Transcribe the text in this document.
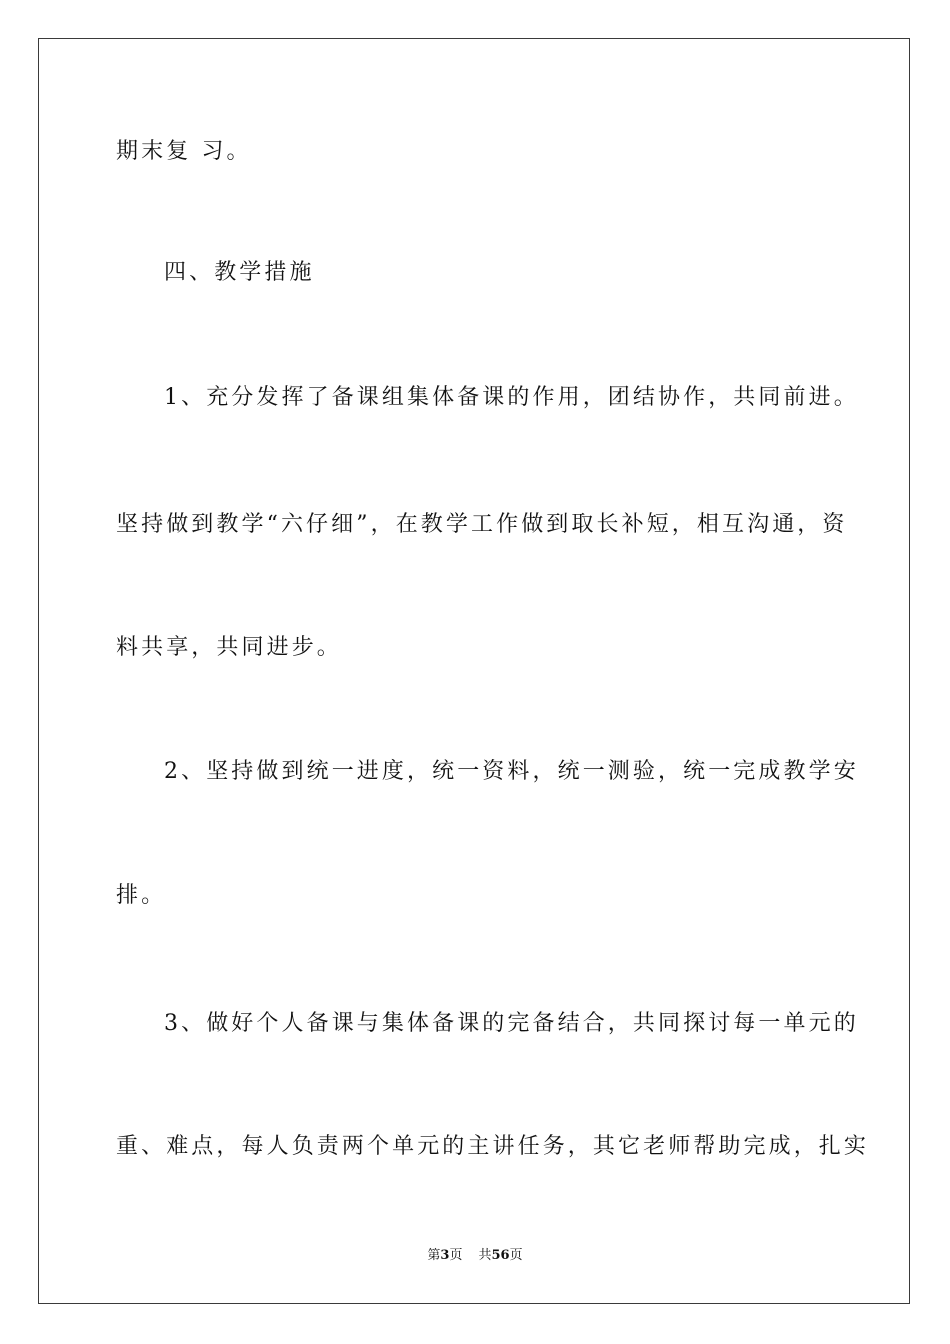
期末复 习。
四、教学措施
1、充分发挥了备课组集体备课的作用，团结协作，共同前进。
坚持做到教学“六仔细”，在教学工作做到取长补短，相互沟通，资
料共享，共同进步。
2、坚持做到统一进度，统一资料，统一测验，统一完成教学安
排。
3、做好个人备课与集体备课的完备结合，共同探讨每一单元的
重、难点，每人负责两个单元的主讲任务，其它老师帮助完成，扎实
第3页 共56页
